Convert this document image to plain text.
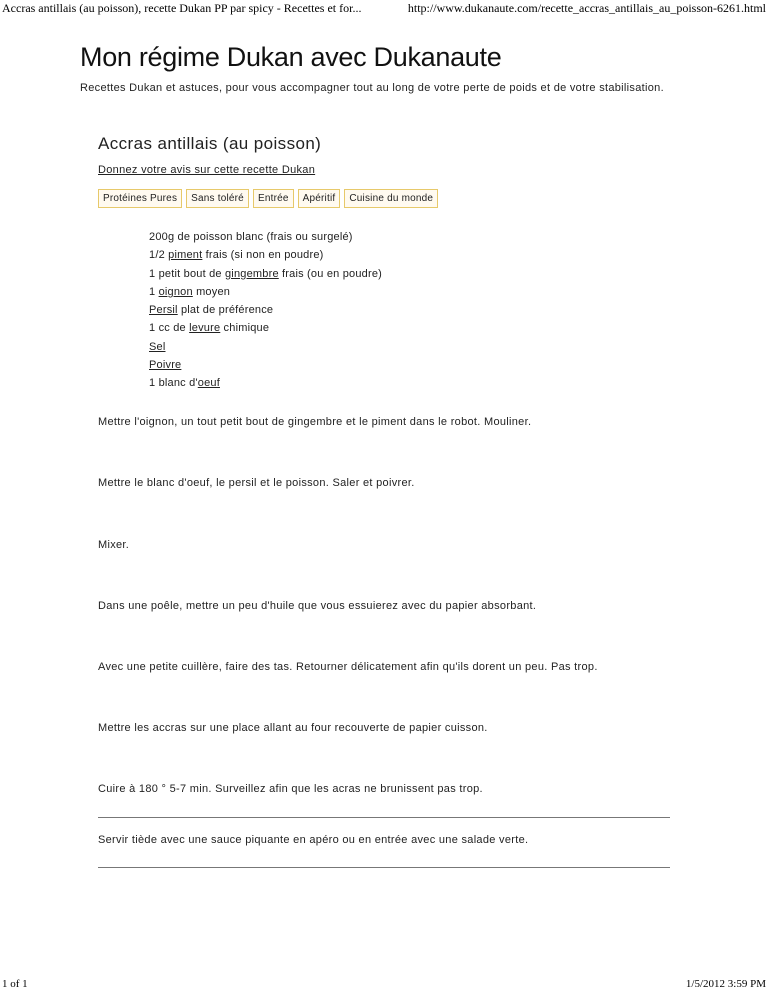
Accras antillais (au poisson), recette Dukan PP par spicy - Recettes et for...	http://www.dukanaute.com/recette_accras_antillais_au_poisson-6261.html
Mon régime Dukan avec Dukanaute

Recettes Dukan et astuces, pour vous accompagner tout au long de votre perte de poids et de votre stabilisation.

Accras antillais (au poisson)
Donnez votre avis sur cette recette Dukan
Protéines Pures	Sans toléré	Entrée	Apéritif	Cuisine du monde
200g de poisson blanc (frais ou surgelé)
1/2 piment frais (si non en poudre)
1 petit bout de gingembre frais (ou en poudre)
1 oignon moyen
Persil plat de préférence
1 cc de levure chimique
Sel
Poivre
1 blanc d'oeuf

Mettre l'oignon, un tout petit bout de gingembre et le piment dans le robot. Mouliner.

Mettre le blanc d'oeuf, le persil et le poisson. Saler et poivrer.

Mixer.

Dans une poêle, mettre un peu d'huile que vous essuierez avec du papier absorbant.

Avec une petite cuillère, faire des tas. Retourner délicatement afin qu'ils dorent un peu. Pas trop.

Mettre les accras sur une place allant au four recouverte de papier cuisson.

Cuire à 180 ° 5-7 min. Surveillez afin que les acras ne brunissent pas trop.

Servir tiède avec une sauce piquante en apéro ou en entrée avec une salade verte.

1 of 1	1/5/2012 3:59 PM
